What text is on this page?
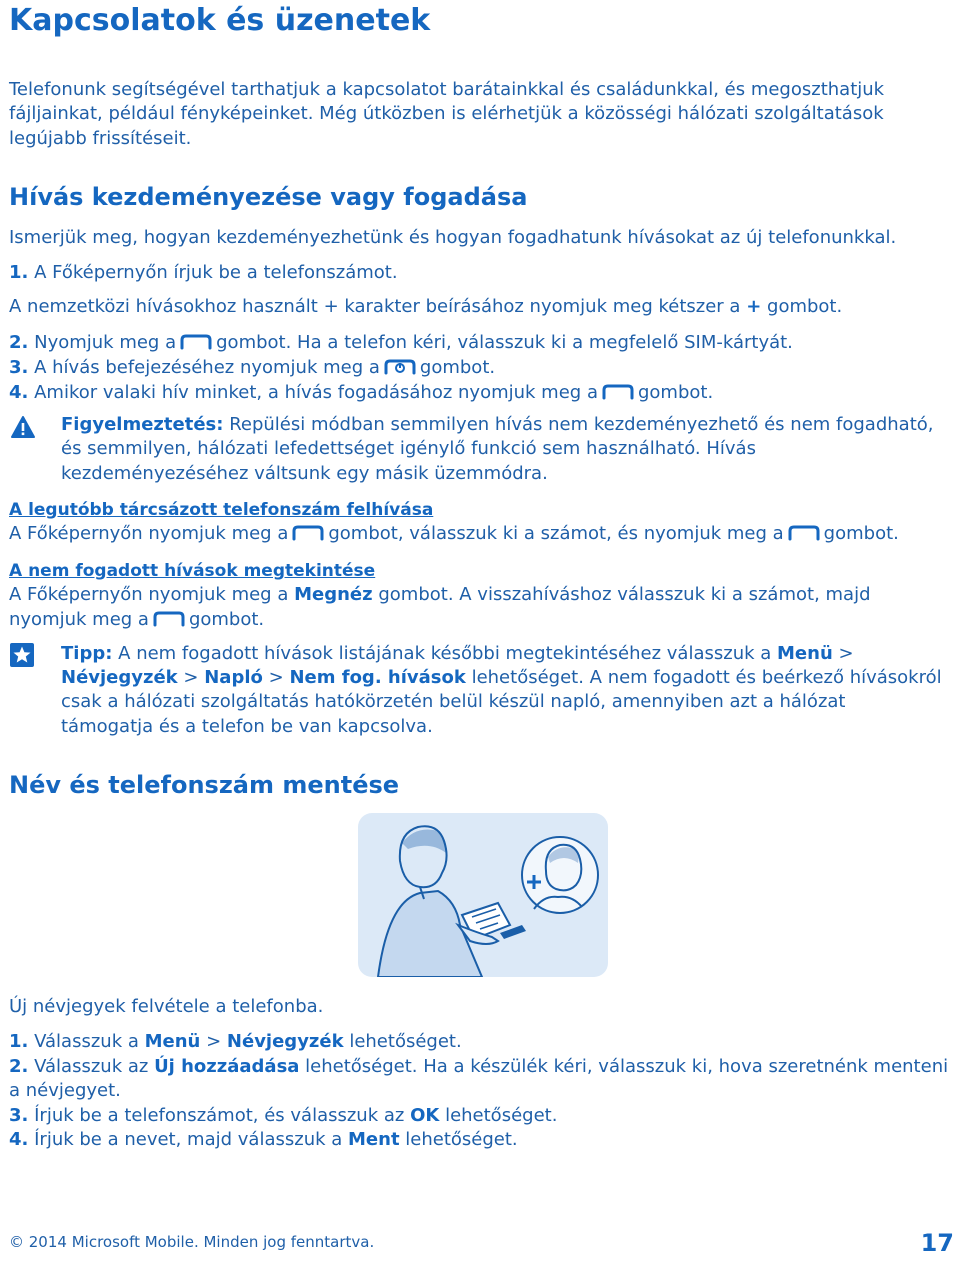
Kapcsolatok és üzenetek
Telefonunk segítségével tarthatjuk a kapcsolatot barátainkkal és családunkkal, és megoszthatjuk
fájljainkat, például fényképeinket. Még útközben is elérhetjük a közösségi hálózati szolgáltatások
legújabb frissítéseit.
Hívás kezdeményezése vagy fogadása
Ismerjük meg, hogyan kezdeményezhetünk és hogyan fogadhatunk hívásokat az új telefonunkkal.
1. A Főképernyőn írjuk be a telefonszámot.
A nemzetközi hívásokhoz használt + karakter beírásához nyomjuk meg kétszer a + gombot.
2. Nyomjuk meg a gombot. Ha a telefon kéri, válasszuk ki a megfelelő SIM-kártyát.
3. A hívás befejezéséhez nyomjuk meg a gombot.
4. Amikor valaki hív minket, a hívás fogadásához nyomjuk meg a gombot.
Figyelmeztetés: Repülési módban semmilyen hívás nem kezdeményezhető és nem fogadható,
és semmilyen, hálózati lefedettséget igénylő funkció sem használható. Hívás
kezdeményezéséhez váltsunk egy másik üzemmódra.
A legutóbb tárcsázott telefonszám felhívása
A Főképernyőn nyomjuk meg a gombot, válasszuk ki a számot, és nyomjuk meg a gombot.
A nem fogadott hívások megtekintése
A Főképernyőn nyomjuk meg a Megnéz gombot. A visszahíváshoz válasszuk ki a számot, majd
nyomjuk meg a gombot.
Tipp: A nem fogadott hívások listájának későbbi megtekintéséhez válasszuk a Menü >
Névjegyzék > Napló > Nem fog. hívások lehetőséget. A nem fogadott és beérkező hívásokról
csak a hálózati szolgáltatás hatókörzetén belül készül napló, amennyiben azt a hálózat
támogatja és a telefon be van kapcsolva.
Név és telefonszám mentése
Új névjegyek felvétele a telefonba.
1. Válasszuk a Menü > Névjegyzék lehetőséget.
2. Válasszuk az Új hozzáadása lehetőséget. Ha a készülék kéri, válasszuk ki, hova szeretnénk menteni
a névjegyet.
3. Írjuk be a telefonszámot, és válasszuk az OK lehetőséget.
4. Írjuk be a nevet, majd válasszuk a Ment lehetőséget.
© 2014 Microsoft Mobile. Minden jog fenntartva.	17
